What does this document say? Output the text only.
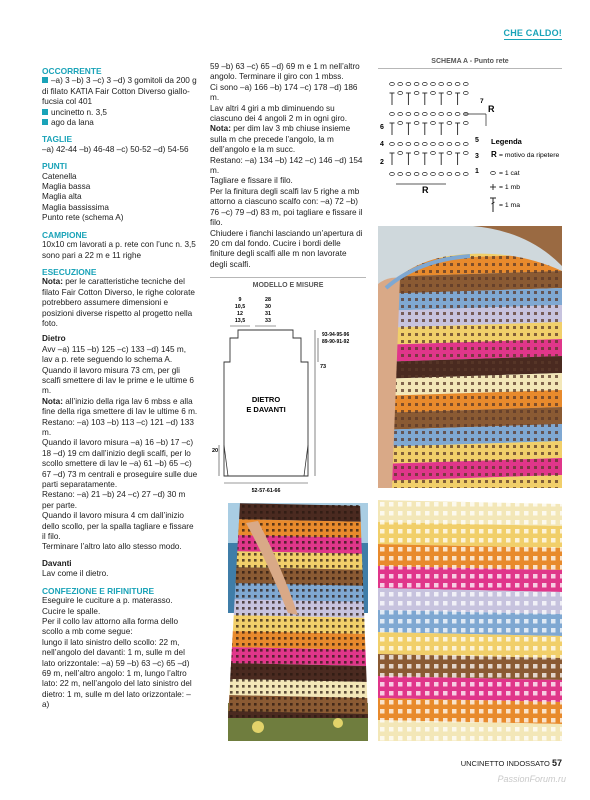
CHE CALDO!

OCCORRENTE

–a) 3 –b) 3 –c) 3 –d) 3 gomitoli da 200 g di filato KATIA Fair Cotton Diverso giallo-fucsia col 401

uncinetto n. 3,5

ago da lana

TAGLIE

–a) 42-44 –b) 46-48 –c) 50-52 –d) 54-56

PUNTI

Catenella

Maglia bassa

Maglia alta

Maglia bassissima

Punto rete (schema A)

CAMPIONE

10x10 cm lavorati a p. rete con l’unc n. 3,5 sono pari a 22 m e 11 righe

ESECUZIONE

Nota: per le caratteristiche tecniche del filato Fair Cotton Diverso, le righe colorate potrebbero assumere dimensioni e posizioni diverse rispetto al progetto nella foto.

Dietro

Avv –a) 115 –b) 125 –c) 133 –d) 145 m, lav a p. rete seguendo lo schema A.

Quando il lavoro misura 73 cm, per gli scalfi smettere di lav le prime e le ultime 6 m.

Nota: all’inizio della riga lav 6 mbss e alla fine della riga smettere di lav le ultime 6 m.

Restano: –a) 103 –b) 113 –c) 121 –d) 133 m.

Quando il lavoro misura –a) 16 –b) 17 –c) 18 –d) 19 cm dall’inizio degli scalfi, per lo scollo smettere di lav le –a) 61 –b) 65 –c) 67 –d) 73 m centrali e proseguire sulle due parti separatamente.

Restano: –a) 21 –b) 24 –c) 27 –d) 30 m per parte.

Quando il lavoro misura 4 cm dall’inizio dello scollo, per la spalla tagliare e fissare il filo.

Terminare l’altro lato allo stesso modo.

Davanti

Lav come il dietro.

CONFEZIONE E RIFINITURE

Eseguire le cuciture a p. materasso.

Cucire le spalle.

Per il collo lav attorno alla forma dello scollo a mb come segue:

lungo il lato sinistro dello scollo: 22 m, nell’angolo del davanti: 1 m, sulle m del lato orizzontale: –a) 59 –b) 63 –c) 65 –d) 69 m, nell’altro angolo: 1 m, lungo l’altro lato: 22 m, nell’angolo del lato sinistro del dietro: 1 m, sulle m del lato orizzontale: –a)

59 –b) 63 –c) 65 –d) 69 m e 1 m nell’altro angolo. Terminare il giro con 1 mbss.

Ci sono –a) 166 –b) 174 –c) 178 –d) 186 m.

Lav altri 4 giri a mb diminuendo su ciascuno dei 4 angoli 2 m in ogni giro.

Nota: per dim lav 3 mb chiuse insieme sulla m che precede l’angolo, la m dell’angolo e la m succ.

Restano: –a) 134 –b) 142 –c) 146 –d) 154 m.

Tagliare e fissare il filo.

Per la finitura degli scalfi lav 5 righe a mb attorno a ciascuno scalfo con: –a) 72 –b) 76 –c) 79 –d) 83 m, poi tagliare e fissare il filo.

Chiudere i fianchi lasciando un’apertura di 20 cm dal fondo. Cucire i bordi delle finiture degli scalfi alle m non lavorate degli scalfi.

MODELLO E MISURE
9
10,5
12
13,5
28
30
31
33
93-94-95-96
89-90-91-92
73
20
52-57-61-66
DIETRO
E DAVANTI
SCHEMA A - Punto rete
7
6
5
4
3
2
1
R
R
Legenda
R = motivo da ripetere
= 1 cat
= 1 mb
= 1 ma
UNCINETTO INDOSSATO 57
PassionForum.ru
